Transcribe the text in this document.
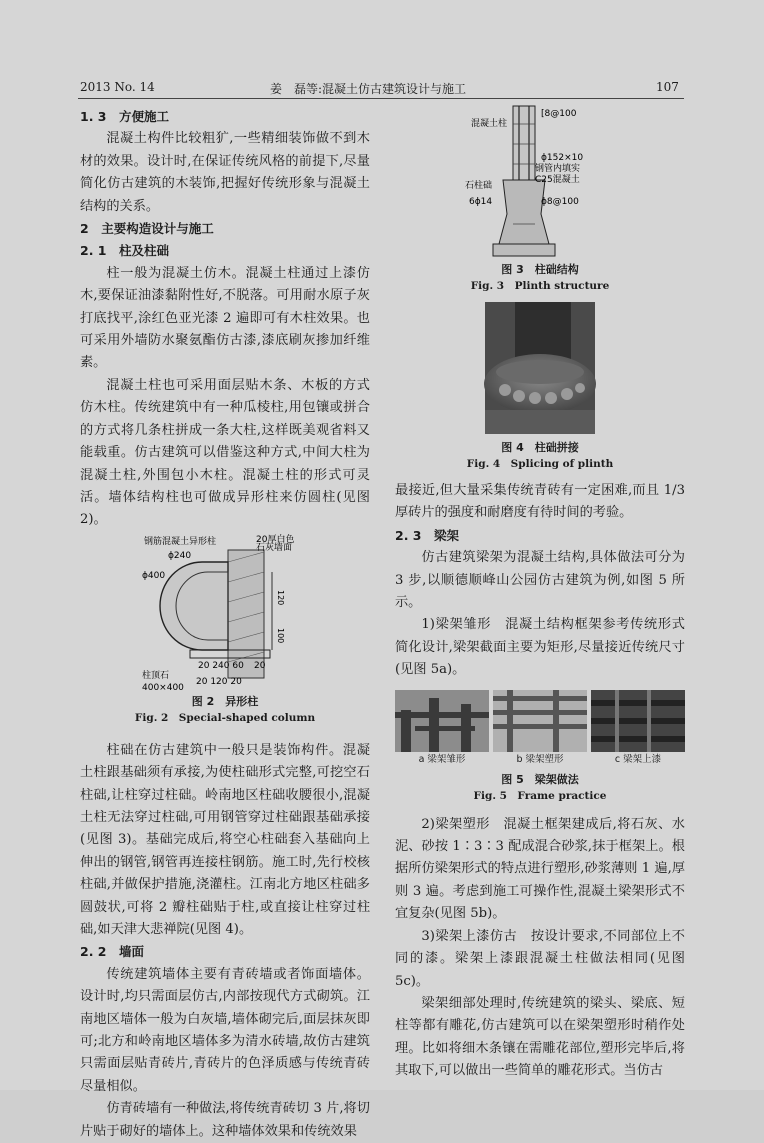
2013 No. 14	姜　磊等:混凝土仿古建筑设计与施工	107

1. 3　方便施工

混凝土构件比较粗犷,一些精细装饰做不到木材的效果。设计时,在保证传统风格的前提下,尽量简化仿古建筑的木装饰,把握好传统形象与混凝土结构的关系。

2　主要构造设计与施工

2. 1　柱及柱础

柱一般为混凝土仿木。混凝土柱通过上漆仿木,要保证油漆黏附性好,不脱落。可用耐水原子灰打底找平,涂红色亚光漆 2 遍即可有木柱效果。也可采用外墙防水聚氨酯仿古漆,漆底刷灰掺加纤维素。

混凝土柱也可采用面层贴木条、木板的方式仿木柱。传统建筑中有一种瓜棱柱,用包镶或拼合的方式将几条柱拼成一条大柱,这样既美观省料又能载重。仿古建筑可以借鉴这种方式,中间大柱为混凝土柱,外围包小木柱。混凝土柱的形式可灵活。墙体结构柱也可做成异形柱来仿圆柱(见图 2)。

钢筋混凝土异形柱	20厚白色
石灰墙面
ϕ240
ϕ400
120
100
20 240 60 20
柱顶石
400×400
20 120 20

图 2　异形柱

Fig. 2　Special-shaped column

柱础在仿古建筑中一般只是装饰构件。混凝土柱跟基础须有承接,为使柱础形式完整,可挖空石柱础,让柱穿过柱础。岭南地区柱础收腰很小,混凝土柱无法穿过柱础,可用钢管穿过柱础跟基础承接(见图 3)。基础完成后,将空心柱础套入基础向上伸出的钢管,钢管再连接柱钢筋。施工时,先行校核柱础,并做保护措施,浇灌柱。江南北方地区柱础多圆鼓状,可将 2 瓣柱础贴于柱,或直接让柱穿过柱础,如天津大悲禅院(见图 4)。

2. 2　墙面

传统建筑墙体主要有青砖墙或者饰面墙体。设计时,均只需面层仿古,内部按现代方式砌筑。江南地区墙体一般为白灰墙,墙体砌完后,面层抹灰即可;北方和岭南地区墙体多为清水砖墙,故仿古建筑只需面层贴青砖片,青砖片的色泽质感与传统青砖尽量相似。

仿青砖墙有一种做法,将传统青砖切 3 片,将切片贴于砌好的墙体上。这种墙体效果和传统效果

混凝土柱
[8@100
ϕ152×10
钢管内填实
C25混凝土
石柱础
6ϕ14	ϕ8@100

图 3　柱础结构

Fig. 3　Plinth structure

图 4　柱础拼接

Fig. 4　Splicing of plinth

最接近,但大量采集传统青砖有一定困难,而且 1/3 厚砖片的强度和耐磨度有待时间的考验。

2. 3　梁架

仿古建筑梁架为混凝土结构,具体做法可分为 3 步,以顺德顺峰山公园仿古建筑为例,如图 5 所示。

1)梁架雏形　混凝土结构框架参考传统形式简化设计,梁架截面主要为矩形,尽量接近传统尺寸(见图 5a)。

a 梁架雏形	b 梁架塑形	c 梁架上漆

图 5　梁架做法

Fig. 5　Frame practice

2)梁架塑形　混凝土框架建成后,将石灰、水泥、砂按 1∶3∶3 配成混合砂浆,抹于框架上。根据所仿梁架形式的特点进行塑形,砂浆薄则 1 遍,厚则 3 遍。考虑到施工可操作性,混凝土梁架形式不宜复杂(见图 5b)。

3)梁架上漆仿古　按设计要求,不同部位上不同的漆。梁架上漆跟混凝土柱做法相同(见图 5c)。

梁架细部处理时,传统建筑的梁头、梁底、短柱等都有雕花,仿古建筑可以在梁架塑形时稍作处理。比如将细木条镶在需雕花部位,塑形完毕后,将其取下,可以做出一些简单的雕花形式。当仿古
